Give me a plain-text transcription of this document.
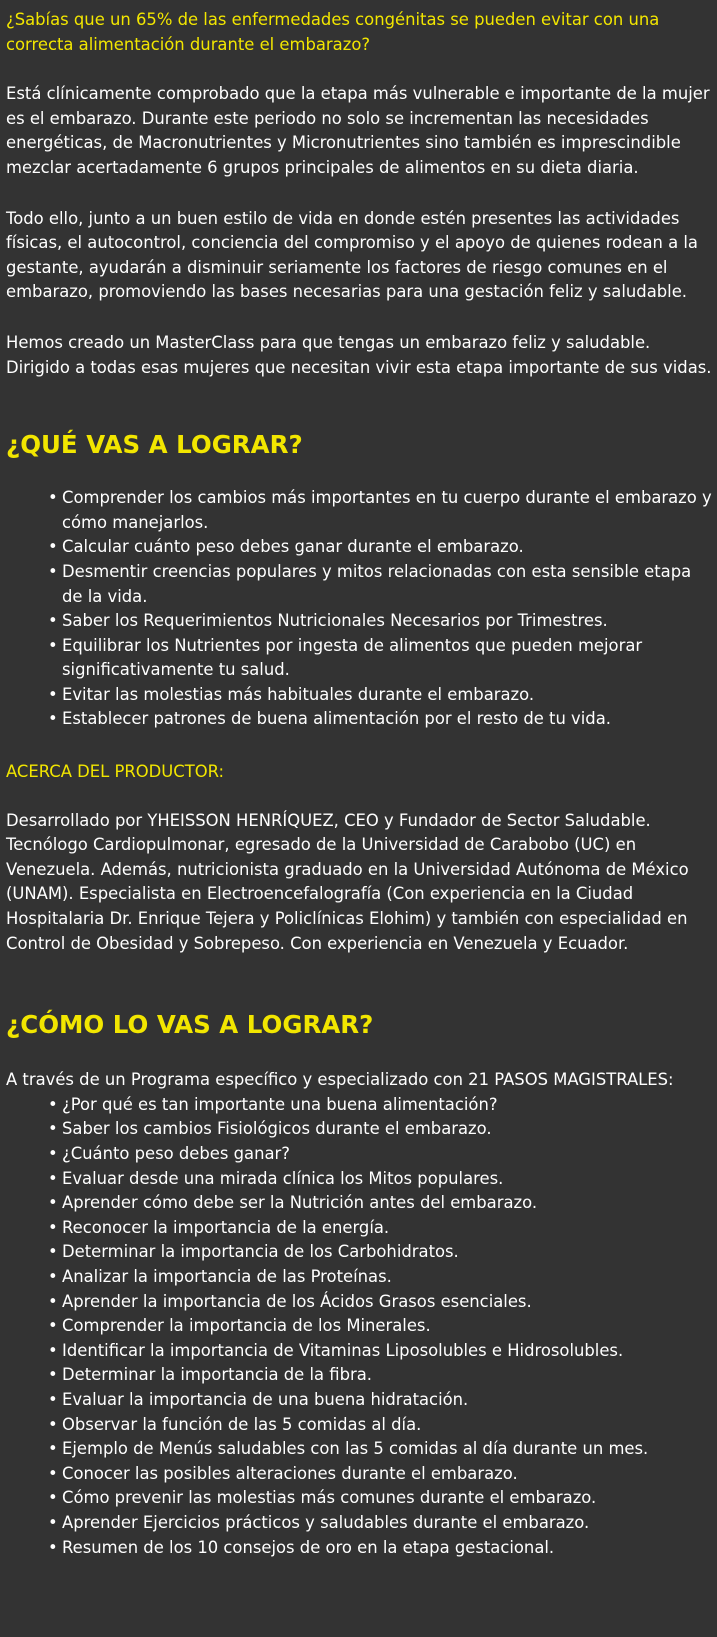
¿Sabías que un 65% de las enfermedades congénitas se pueden evitar con una correcta alimentación durante el embarazo?

Está clínicamente comprobado que la etapa más vulnerable e importante de la mujer es el embarazo. Durante este periodo no solo se incrementan las necesidades energéticas, de Macronutrientes y Micronutrientes sino también es imprescindible mezclar acertadamente 6 grupos principales de alimentos en su dieta diaria.

Todo ello, junto a un buen estilo de vida en donde estén presentes las actividades físicas, el autocontrol, conciencia del compromiso y el apoyo de quienes rodean a la gestante, ayudarán a disminuir seriamente los factores de riesgo comunes en el embarazo, promoviendo las bases necesarias para una gestación feliz y saludable.

Hemos creado un MasterClass para que tengas un embarazo feliz y saludable. Dirigido a todas esas mujeres que necesitan vivir esta etapa importante de sus vidas.

¿QUÉ VAS A LOGRAR?
• Comprender los cambios más importantes en tu cuerpo durante el embarazo y cómo manejarlos.
• Calcular cuánto peso debes ganar durante el embarazo.
• Desmentir creencias populares y mitos relacionadas con esta sensible etapa de la vida.
• Saber los Requerimientos Nutricionales Necesarios por Trimestres.
• Equilibrar los Nutrientes por ingesta de alimentos que pueden mejorar significativamente tu salud.
• Evitar las molestias más habituales durante el embarazo.
• Establecer patrones de buena alimentación por el resto de tu vida.

ACERCA DEL PRODUCTOR:

Desarrollado por YHEISSON HENRÍQUEZ, CEO y Fundador de Sector Saludable. Tecnólogo Cardiopulmonar, egresado de la Universidad de Carabobo (UC) en Venezuela. Además, nutricionista graduado en la Universidad Autónoma de México (UNAM). Especialista en Electroencefalografía (Con experiencia en la Ciudad Hospitalaria Dr. Enrique Tejera y Policlínicas Elohim) y también con especialidad en Control de Obesidad y Sobrepeso. Con experiencia en Venezuela y Ecuador.

¿CÓMO LO VAS A LOGRAR?

A través de un Programa específico y especializado con 21 PASOS MAGISTRALES:

• ¿Por qué es tan importante una buena alimentación?
• Saber los cambios Fisiológicos durante el embarazo.
• ¿Cuánto peso debes ganar?
• Evaluar desde una mirada clínica los Mitos populares.
• Aprender cómo debe ser la Nutrición antes del embarazo.
• Reconocer la importancia de la energía.
• Determinar la importancia de los Carbohidratos.
• Analizar la importancia de las Proteínas.
• Aprender la importancia de los Ácidos Grasos esenciales.
• Comprender la importancia de los Minerales.
• Identificar la importancia de Vitaminas Liposolubles e Hidrosolubles.
• Determinar la importancia de la fibra.
• Evaluar la importancia de una buena hidratación.
• Observar la función de las 5 comidas al día.
• Ejemplo de Menús saludables con las 5 comidas al día durante un mes.
• Conocer las posibles alteraciones durante el embarazo.
• Cómo prevenir las molestias más comunes durante el embarazo.
• Aprender Ejercicios prácticos y saludables durante el embarazo.
• Resumen de los 10 consejos de oro en la etapa gestacional.
